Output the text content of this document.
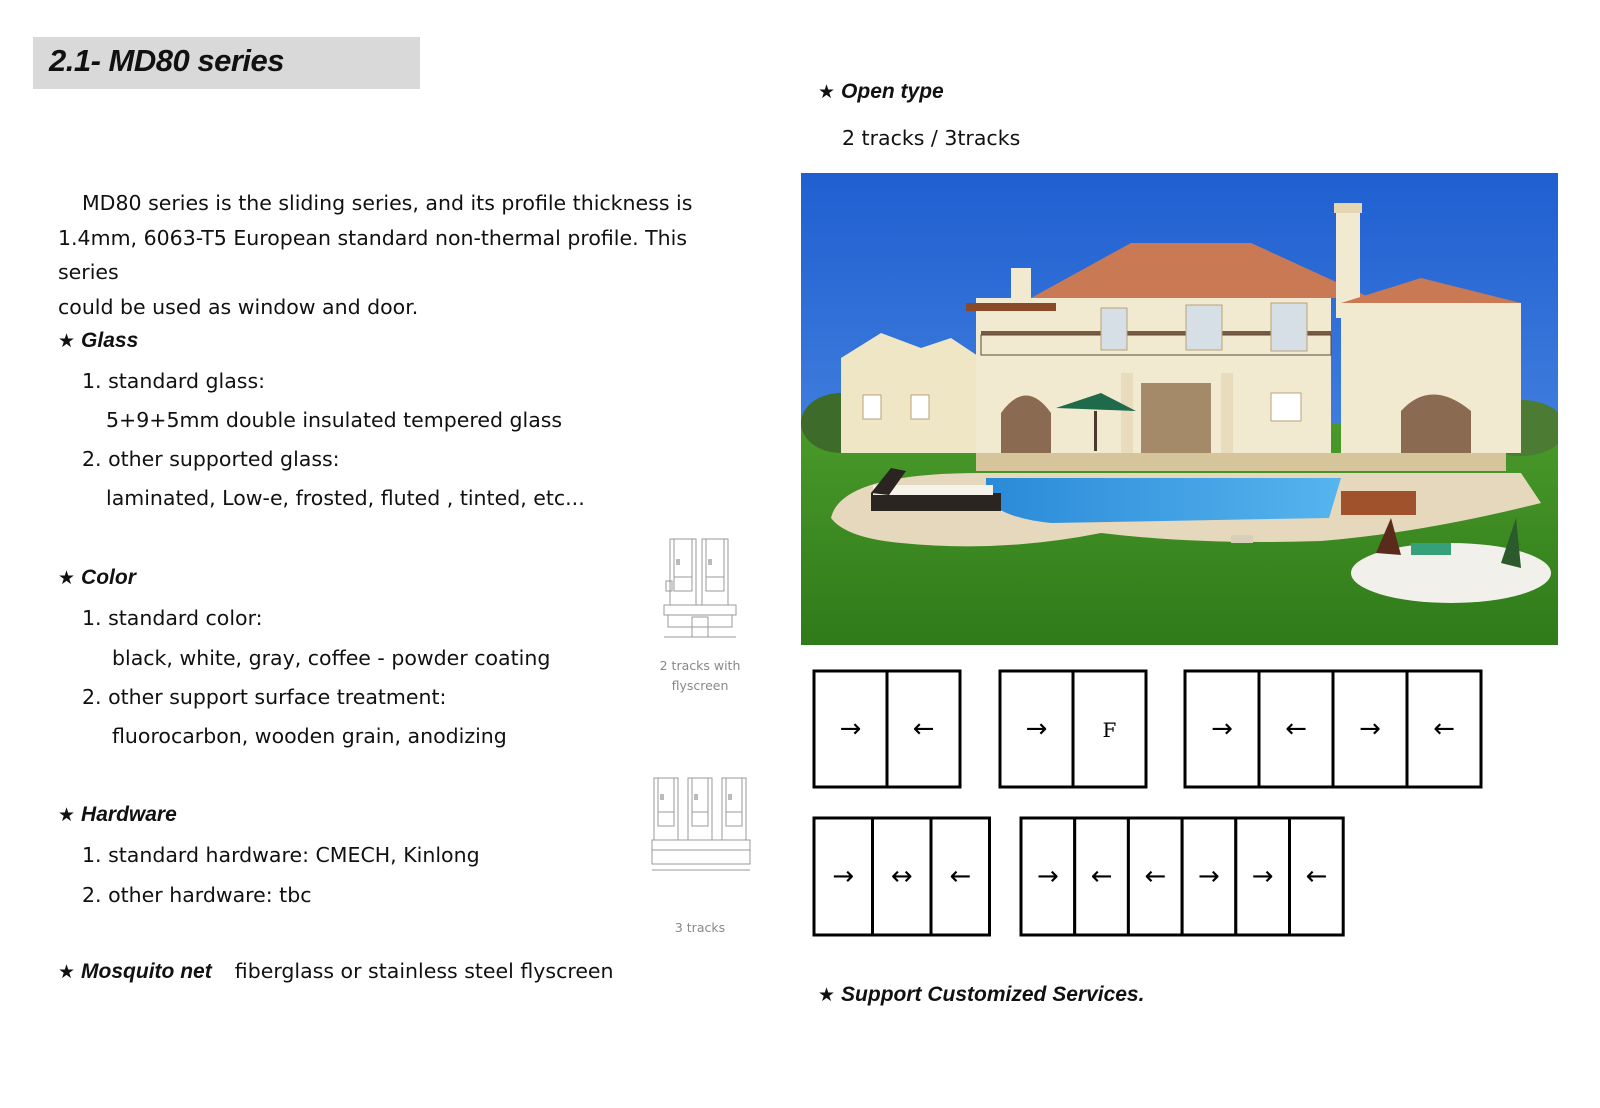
2.1- MD80 series
MD80 series is the sliding series, and its profile thickness is
1.4mm, 6063-T5 European standard non-thermal profile. This series
could be used as window and door.
★ Glass
1. standard glass:
5+9+5mm double insulated tempered glass
2. other supported glass:
laminated, Low-e, frosted, fluted , tinted, etc...
★ Color
1. standard color:
black, white, gray, coffee - powder coating
2. other support surface treatment:
fluorocarbon, wooden grain, anodizing
★ Hardware
1. standard hardware: CMECH, Kinlong
2. other hardware: tbc
★ Mosquito net fiberglass or stainless steel flyscreen
2 tracks with
flyscreen
3 tracks
★ Open type
2 tracks / 3tracks
→ ←	→	F	→ ← → ←
→ ↔ ←	→ ← ← → → ←
★ Support Customized Services.
